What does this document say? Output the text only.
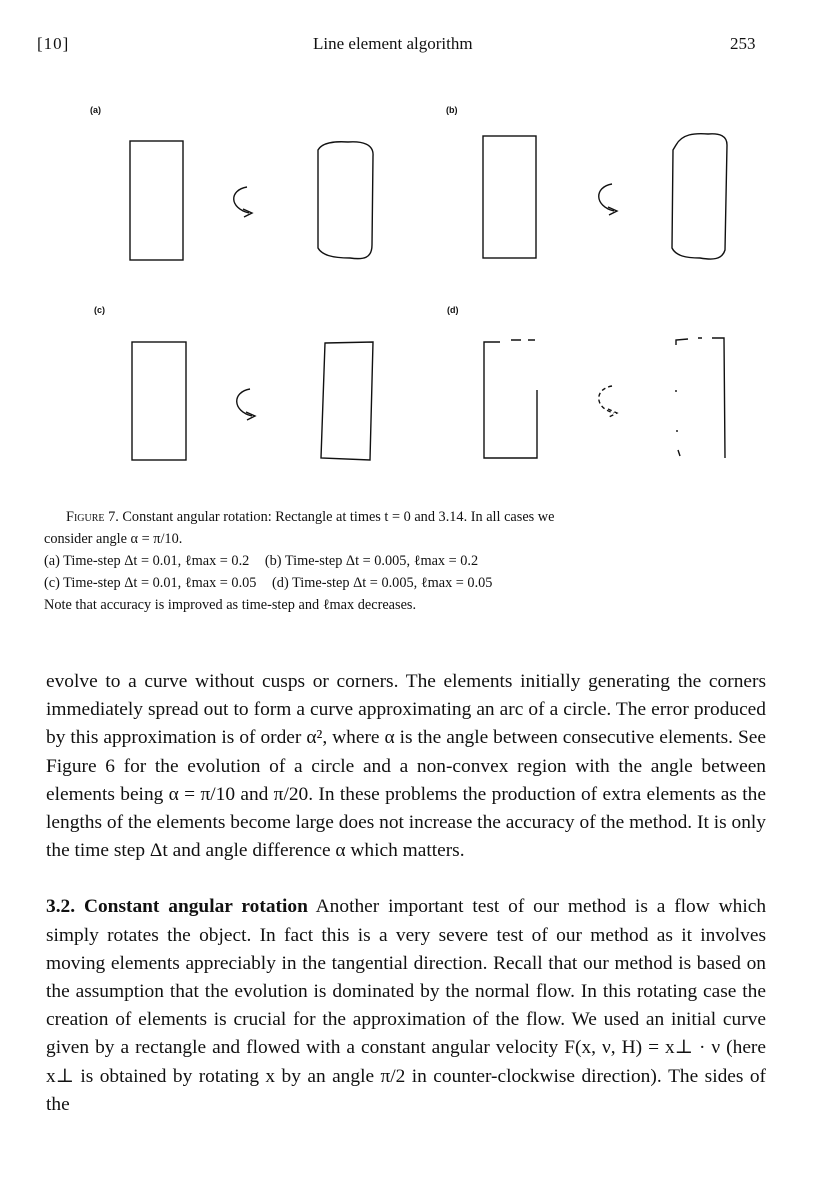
[10]	Line element algorithm	253
(a)	(b)
(c)	(d)
Figure 7. Constant angular rotation: Rectangle at times t = 0 and 3.14. In all cases we
consider angle α = π/10.
(a) Time-step Δt = 0.01, ℓmax = 0.2 (b) Time-step Δt = 0.005, ℓmax = 0.2
(c) Time-step Δt = 0.01, ℓmax = 0.05 (d) Time-step Δt = 0.005, ℓmax = 0.05
Note that accuracy is improved as time-step and ℓmax decreases.

evolve to a curve without cusps or corners. The elements initially generating the corners immediately spread out to form a curve approximating an arc of a circle. The error produced by this approximation is of order α², where α is the angle between consecutive elements. See Figure 6 for the evolution of a circle and a non-convex region with the angle between elements being α = π/10 and π/20. In these problems the production of extra elements as the lengths of the elements become large does not increase the accuracy of the method. It is only the time step Δt and angle difference α which matters.

3.2. Constant angular rotation Another important test of our method is a flow which simply rotates the object. In fact this is a very severe test of our method as it involves moving elements appreciably in the tangential direction. Recall that our method is based on the assumption that the evolution is dominated by the normal flow. In this rotating case the creation of elements is crucial for the approximation of the flow. We used an initial curve given by a rectangle and flowed with a constant angular velocity F(x, ν, H) = x⊥ · ν (here x⊥ is obtained by rotating x by an angle π/2 in counter-clockwise direction). The sides of the
